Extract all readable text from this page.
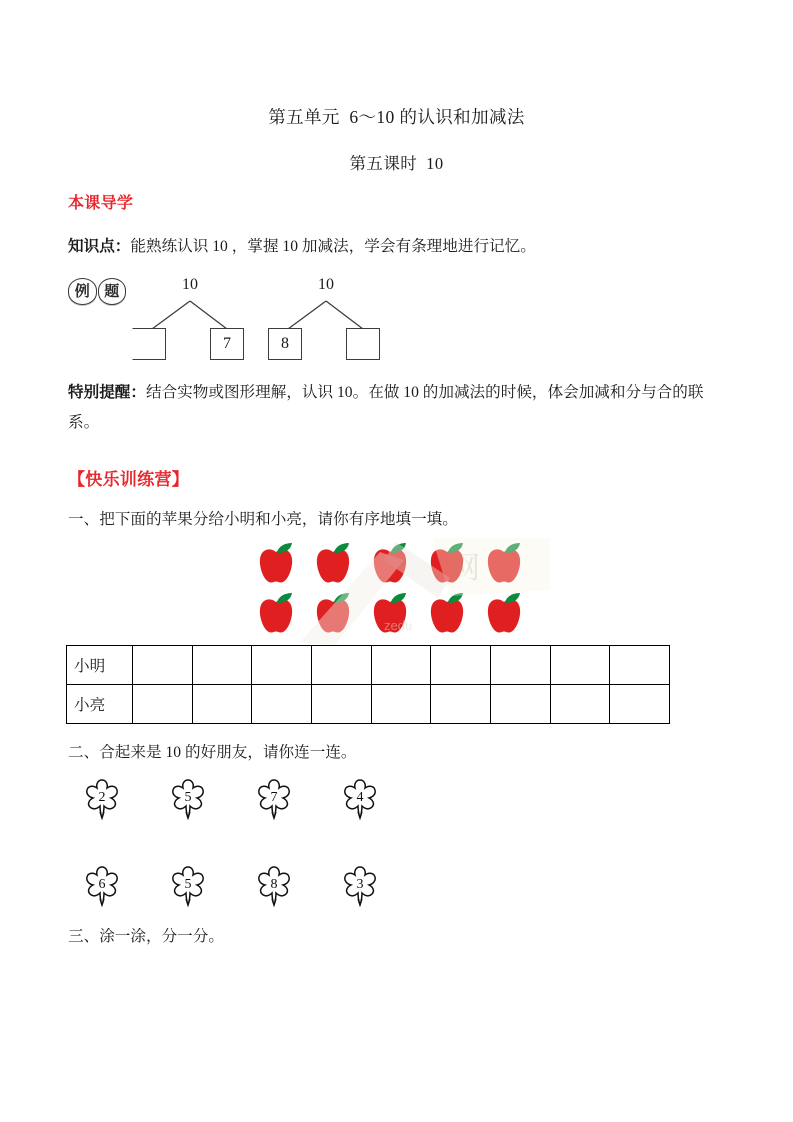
第五单元  6～10 的认识和加减法
第五课时  10
本课导学
知识点：能熟练认识 10 ，掌握 10 加减法，学会有条理地进行记忆。
例 题	10
7
10
8
特别提醒：结合实物或图形理解，认识 10。在做 10 的加减法的时候，体会加减和分与合的联系。
【快乐训练营】
一、把下面的苹果分给小明和小亮，请你有序地填一填。
网
zedu
小明									
小亮									
二、合起来是 10 的好朋友，请你连一连。
2	5	7	4
6	5	8	3
三、涂一涂，分一分。
